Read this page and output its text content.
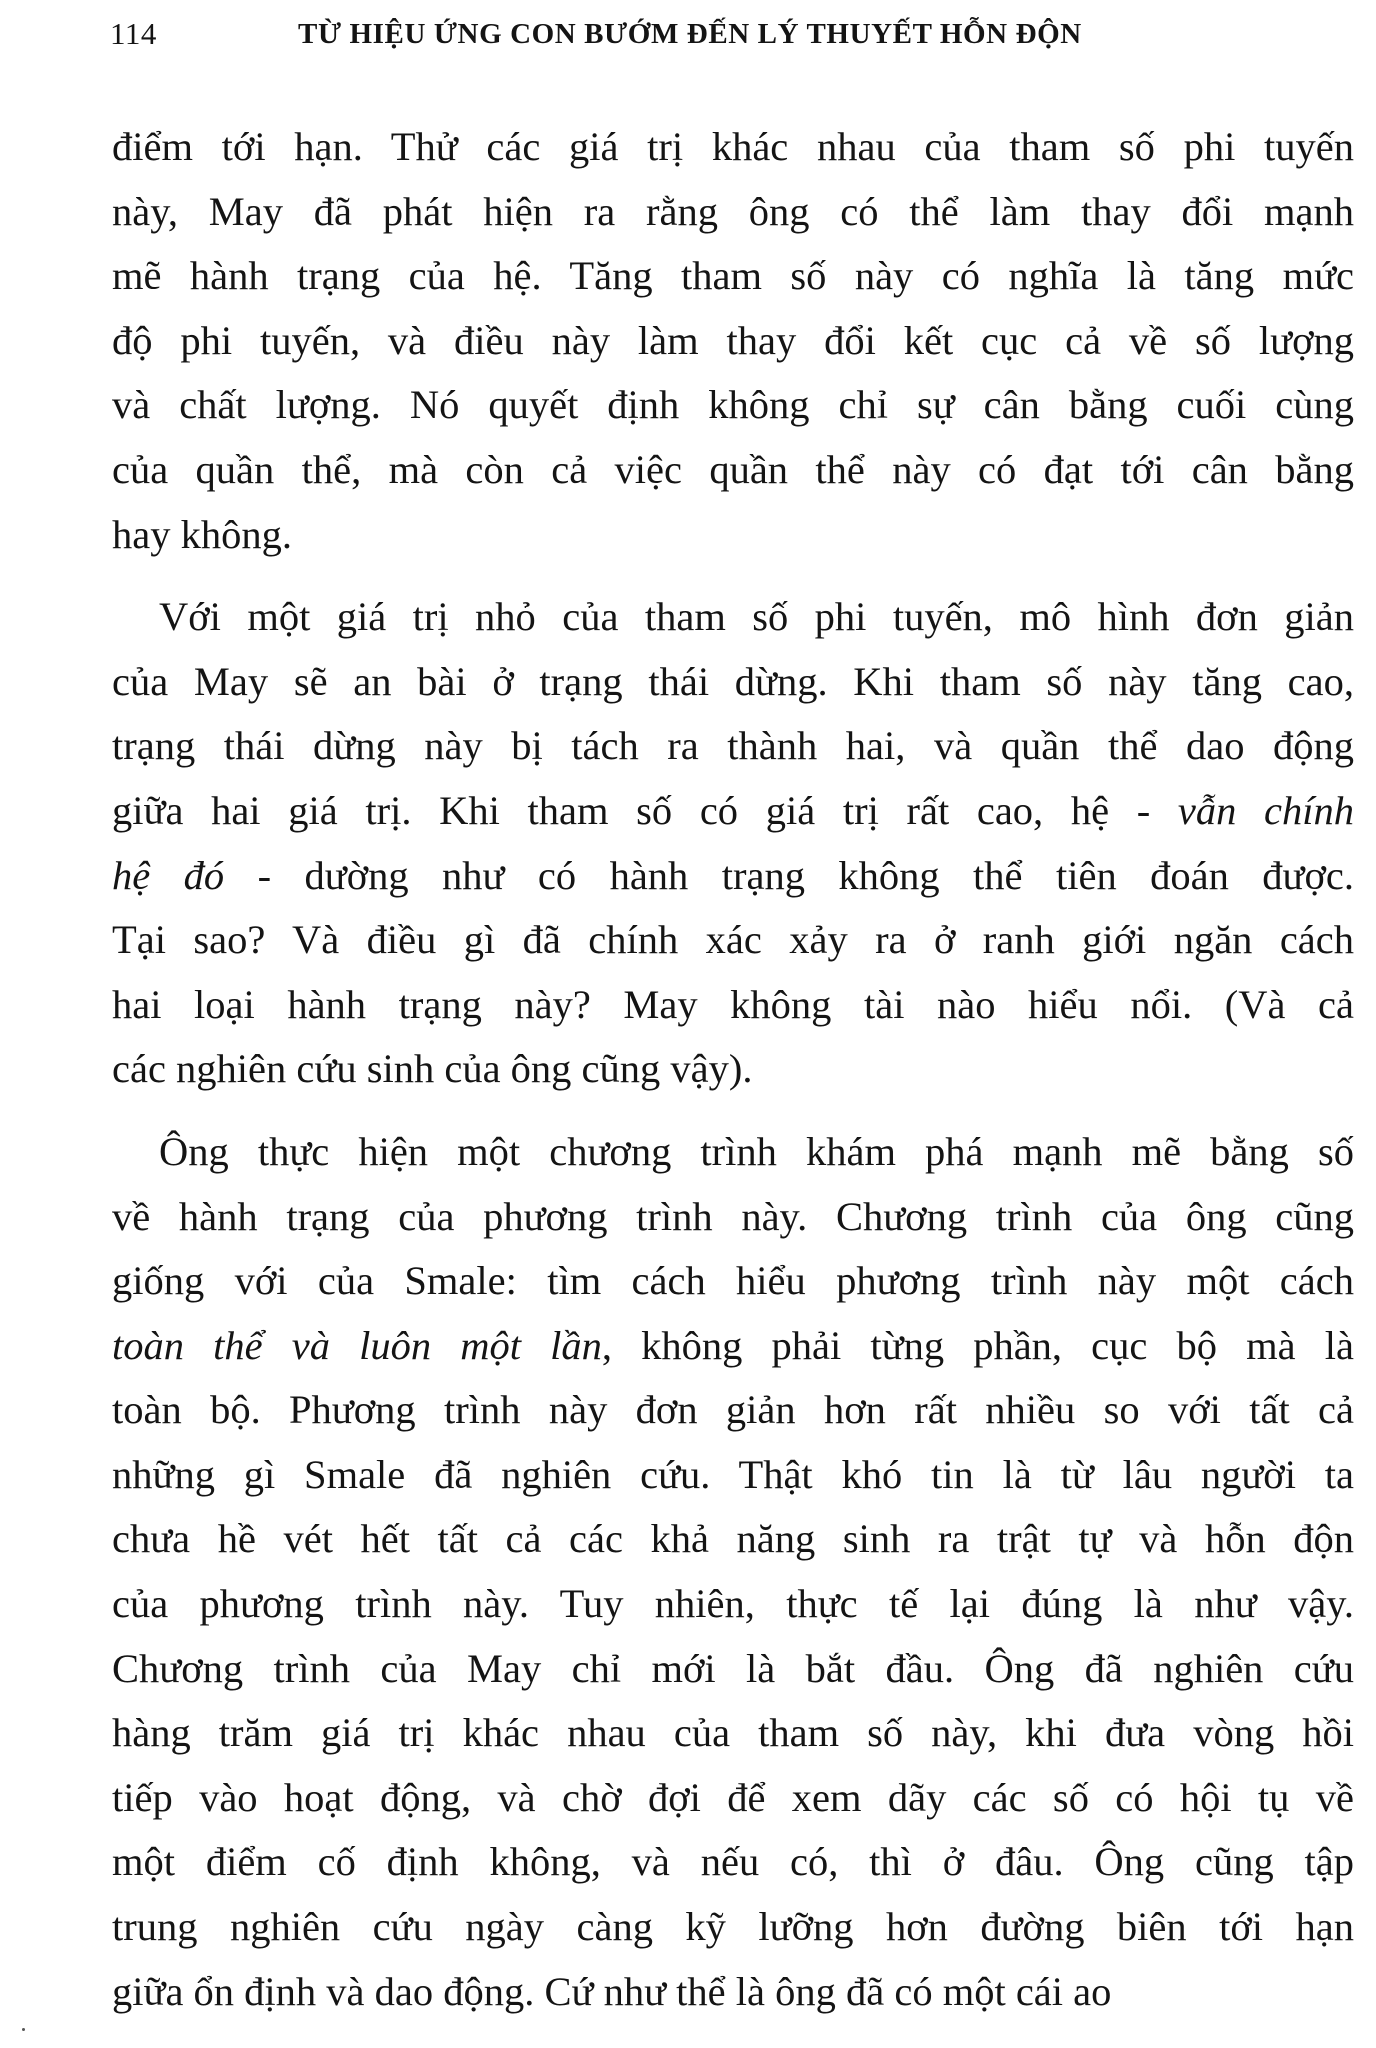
114	TỪ HIỆU ỨNG CON BƯỚM ĐẾN LÝ THUYẾT HỖN ĐỘN
điểm tới hạn. Thử các giá trị khác nhau của tham số phi tuyến
này, May đã phát hiện ra rằng ông có thể làm thay đổi mạnh
mẽ hành trạng của hệ. Tăng tham số này có nghĩa là tăng mức
độ phi tuyến, và điều này làm thay đổi kết cục cả về số lượng
và chất lượng. Nó quyết định không chỉ sự cân bằng cuối cùng
của quần thể, mà còn cả việc quần thể này có đạt tới cân bằng
hay không.
Với một giá trị nhỏ của tham số phi tuyến, mô hình đơn giản
của May sẽ an bài ở trạng thái dừng. Khi tham số này tăng cao,
trạng thái dừng này bị tách ra thành hai, và quần thể dao động
giữa hai giá trị. Khi tham số có giá trị rất cao, hệ - vẫn chính
hệ đó - dường như có hành trạng không thể tiên đoán được.
Tại sao? Và điều gì đã chính xác xảy ra ở ranh giới ngăn cách
hai loại hành trạng này? May không tài nào hiểu nổi. (Và cả
các nghiên cứu sinh của ông cũng vậy).
Ông thực hiện một chương trình khám phá mạnh mẽ bằng số
về hành trạng của phương trình này. Chương trình của ông cũng
giống với của Smale: tìm cách hiểu phương trình này một cách
toàn thể và luôn một lần, không phải từng phần, cục bộ mà là
toàn bộ. Phương trình này đơn giản hơn rất nhiều so với tất cả
những gì Smale đã nghiên cứu. Thật khó tin là từ lâu người ta
chưa hề vét hết tất cả các khả năng sinh ra trật tự và hỗn độn
của phương trình này. Tuy nhiên, thực tế lại đúng là như vậy.
Chương trình của May chỉ mới là bắt đầu. Ông đã nghiên cứu
hàng trăm giá trị khác nhau của tham số này, khi đưa vòng hồi
tiếp vào hoạt động, và chờ đợi để xem dãy các số có hội tụ về
một điểm cố định không, và nếu có, thì ở đâu. Ông cũng tập
trung nghiên cứu ngày càng kỹ lưỡng hơn đường biên tới hạn
giữa ổn định và dao động. Cứ như thể là ông đã có một cái ao
